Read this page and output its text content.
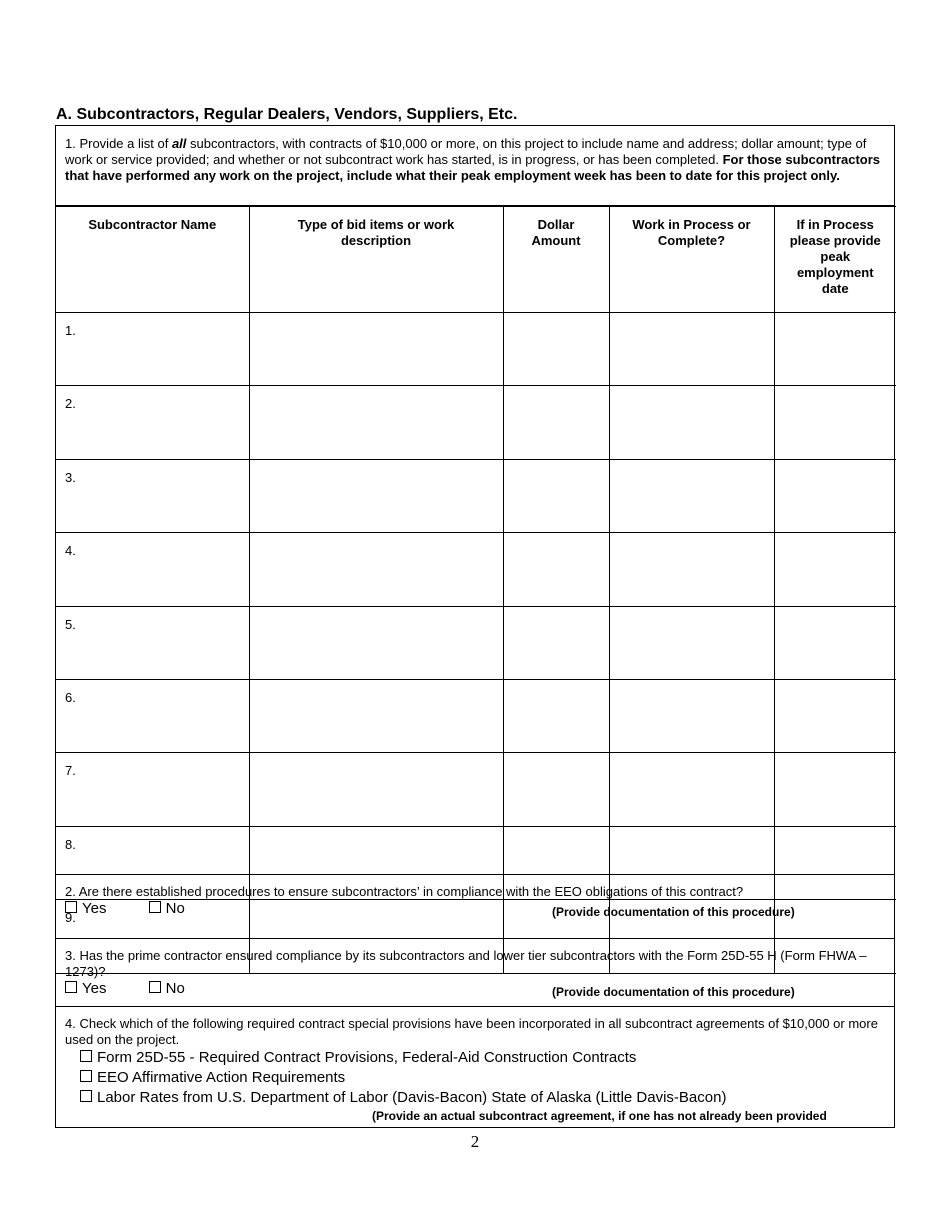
A. Subcontractors, Regular Dealers, Vendors, Suppliers, Etc.
1. Provide a list of all subcontractors, with contracts of $10,000 or more, on this project to include name and address; dollar amount; type of work or service provided; and whether or not subcontract work has started, is in progress, or has been completed. For those subcontractors that have performed any work on the project, include what their peak employment week has been to date for this project only.
Subcontractor Name	Type of bid items or work description	Dollar Amount	Work in Process or Complete?	If in Process please provide peak employment date
1.				
2.				
3.				
4.				
5.				
6.				
7.				
8.				
9.				
2. Are there established procedures to ensure subcontractors’ in compliance with the EEO obligations of this contract?
Yes	No	(Provide documentation of this procedure)
3. Has the prime contractor ensured compliance by its subcontractors and lower tier subcontractors with the Form 25D-55 H (Form FHWA – 1273)?
Yes	No	(Provide documentation of this procedure)
4. Check which of the following required contract special provisions have been incorporated in all subcontract agreements of $10,000 or more used on the project.
Form 25D-55 - Required Contract Provisions, Federal-Aid Construction Contracts
EEO Affirmative Action Requirements
Labor Rates from U.S. Department of Labor (Davis-Bacon) State of Alaska (Little Davis-Bacon)
(Provide an actual subcontract agreement, if one has not already been provided
2
